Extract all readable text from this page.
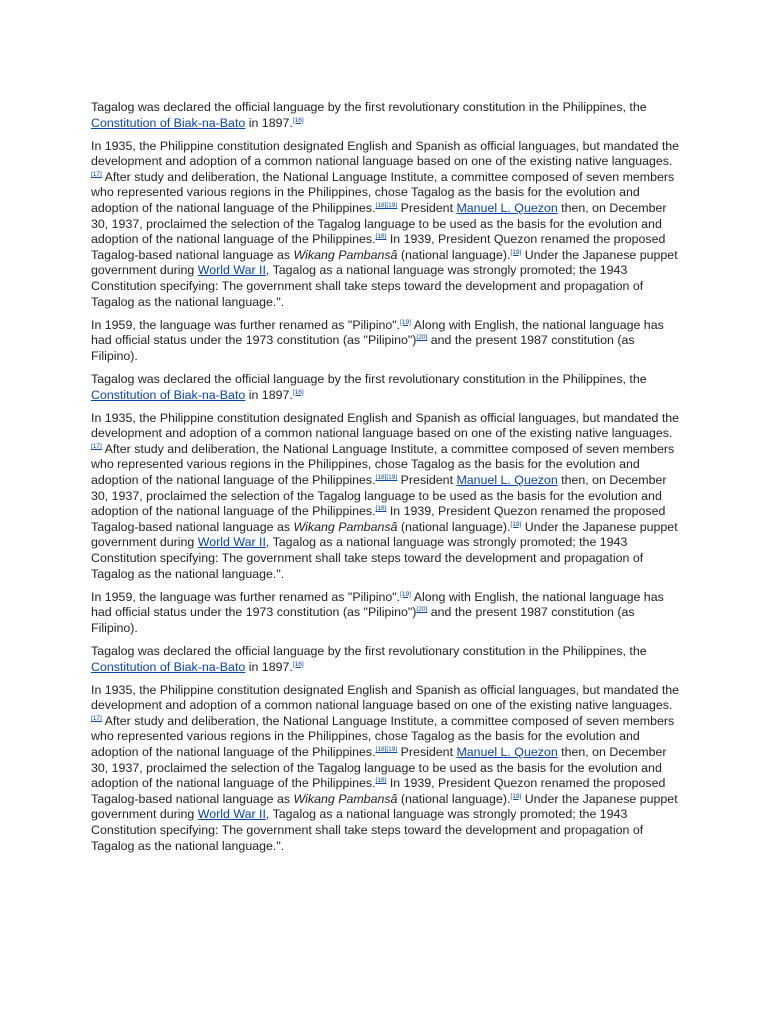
Tagalog was declared the official language by the first revolutionary constitution in the Philippines, the Constitution of Biak-na-Bato in 1897.[16]

In 1935, the Philippine constitution designated English and Spanish as official languages, but mandated the development and adoption of a common national language based on one of the existing native languages.[17] After study and deliberation, the National Language Institute, a committee composed of seven members who represented various regions in the Philippines, chose Tagalog as the basis for the evolution and adoption of the national language of the Philippines.[18][19] President Manuel L. Quezon then, on December 30, 1937, proclaimed the selection of the Tagalog language to be used as the basis for the evolution and adoption of the national language of the Philippines.[18] In 1939, President Quezon renamed the proposed Tagalog-based national language as Wikang Pambansâ (national language).[19] Under the Japanese puppet government during World War II, Tagalog as a national language was strongly promoted; the 1943 Constitution specifying: The government shall take steps toward the development and propagation of Tagalog as the national language.".

In 1959, the language was further renamed as "Pilipino".[19] Along with English, the national language has had official status under the 1973 constitution (as "Pilipino")[20] and the present 1987 constitution (as Filipino).

Tagalog was declared the official language by the first revolutionary constitution in the Philippines, the Constitution of Biak-na-Bato in 1897.[16]

In 1935, the Philippine constitution designated English and Spanish as official languages, but mandated the development and adoption of a common national language based on one of the existing native languages.[17] After study and deliberation, the National Language Institute, a committee composed of seven members who represented various regions in the Philippines, chose Tagalog as the basis for the evolution and adoption of the national language of the Philippines.[18][19] President Manuel L. Quezon then, on December 30, 1937, proclaimed the selection of the Tagalog language to be used as the basis for the evolution and adoption of the national language of the Philippines.[18] In 1939, President Quezon renamed the proposed Tagalog-based national language as Wikang Pambansâ (national language).[19] Under the Japanese puppet government during World War II, Tagalog as a national language was strongly promoted; the 1943 Constitution specifying: The government shall take steps toward the development and propagation of Tagalog as the national language.".

In 1959, the language was further renamed as "Pilipino".[19] Along with English, the national language has had official status under the 1973 constitution (as "Pilipino")[20] and the present 1987 constitution (as Filipino).

Tagalog was declared the official language by the first revolutionary constitution in the Philippines, the Constitution of Biak-na-Bato in 1897.[16]

In 1935, the Philippine constitution designated English and Spanish as official languages, but mandated the development and adoption of a common national language based on one of the existing native languages.[17] After study and deliberation, the National Language Institute, a committee composed of seven members who represented various regions in the Philippines, chose Tagalog as the basis for the evolution and adoption of the national language of the Philippines.[18][19] President Manuel L. Quezon then, on December 30, 1937, proclaimed the selection of the Tagalog language to be used as the basis for the evolution and adoption of the national language of the Philippines.[18] In 1939, President Quezon renamed the proposed Tagalog-based national language as Wikang Pambansâ (national language).[19] Under the Japanese puppet government during World War II, Tagalog as a national language was strongly promoted; the 1943 Constitution specifying: The government shall take steps toward the development and propagation of Tagalog as the national language.".
